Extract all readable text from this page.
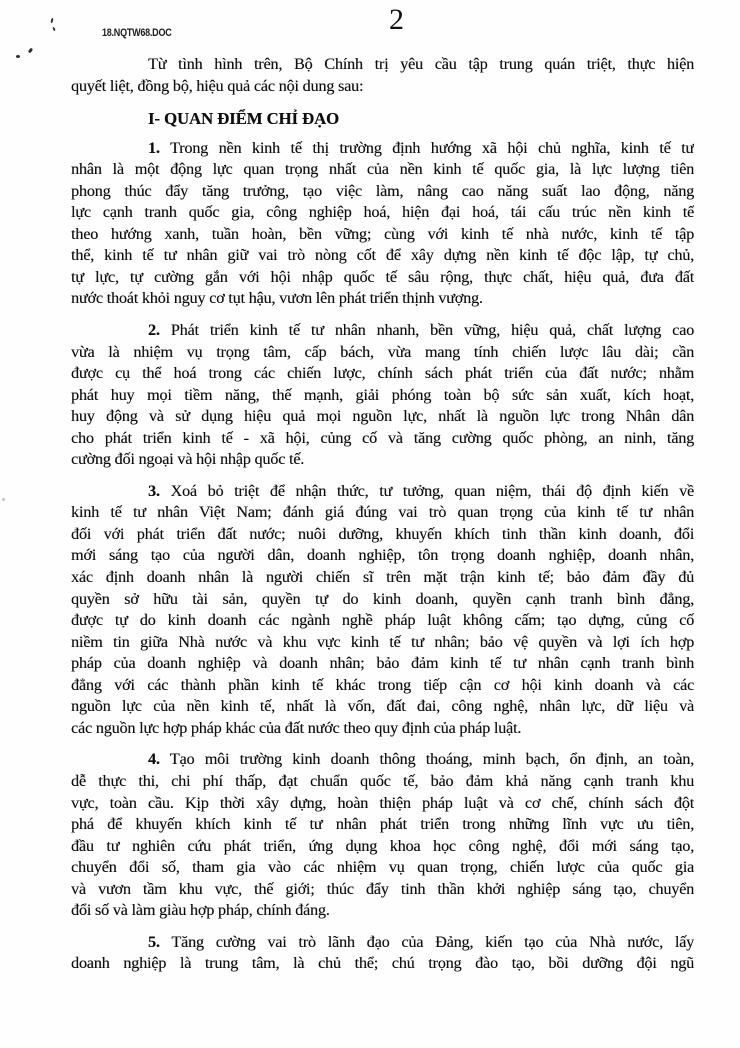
18.NQTW68.DOC	2
Từ tình hình trên, Bộ Chính trị yêu cầu tập trung quán triệt, thực hiện
quyết liệt, đồng bộ, hiệu quả các nội dung sau:
I- QUAN ĐIỂM CHỈ ĐẠO
1. Trong nền kinh tế thị trường định hướng xã hội chủ nghĩa, kinh tế tư
nhân là một động lực quan trọng nhất của nền kinh tế quốc gia, là lực lượng tiên
phong thúc đẩy tăng trưởng, tạo việc làm, nâng cao năng suất lao động, năng
lực cạnh tranh quốc gia, công nghiệp hoá, hiện đại hoá, tái cấu trúc nền kinh tế
theo hướng xanh, tuần hoàn, bền vững; cùng với kinh tế nhà nước, kinh tế tập
thể, kinh tế tư nhân giữ vai trò nòng cốt để xây dựng nền kinh tế độc lập, tự chủ,
tự lực, tự cường gắn với hội nhập quốc tế sâu rộng, thực chất, hiệu quả, đưa đất
nước thoát khỏi nguy cơ tụt hậu, vươn lên phát triển thịnh vượng.
2. Phát triển kinh tế tư nhân nhanh, bền vững, hiệu quả, chất lượng cao
vừa là nhiệm vụ trọng tâm, cấp bách, vừa mang tính chiến lược lâu dài; cần
được cụ thể hoá trong các chiến lược, chính sách phát triển của đất nước; nhằm
phát huy mọi tiềm năng, thế mạnh, giải phóng toàn bộ sức sản xuất, kích hoạt,
huy động và sử dụng hiệu quả mọi nguồn lực, nhất là nguồn lực trong Nhân dân
cho phát triển kinh tế - xã hội, củng cố và tăng cường quốc phòng, an ninh, tăng
cường đối ngoại và hội nhập quốc tế.
3. Xoá bỏ triệt để nhận thức, tư tưởng, quan niệm, thái độ định kiến về
kinh tế tư nhân Việt Nam; đánh giá đúng vai trò quan trọng của kinh tế tư nhân
đối với phát triển đất nước; nuôi dưỡng, khuyến khích tinh thần kinh doanh, đổi
mới sáng tạo của người dân, doanh nghiệp, tôn trọng doanh nghiệp, doanh nhân,
xác định doanh nhân là người chiến sĩ trên mặt trận kinh tế; bảo đảm đầy đủ
quyền sở hữu tài sản, quyền tự do kinh doanh, quyền cạnh tranh bình đẳng,
được tự do kinh doanh các ngành nghề pháp luật không cấm; tạo dựng, củng cố
niềm tin giữa Nhà nước và khu vực kinh tế tư nhân; bảo vệ quyền và lợi ích hợp
pháp của doanh nghiệp và doanh nhân; bảo đảm kinh tế tư nhân cạnh tranh bình
đẳng với các thành phần kinh tế khác trong tiếp cận cơ hội kinh doanh và các
nguồn lực của nền kinh tế, nhất là vốn, đất đai, công nghệ, nhân lực, dữ liệu và
các nguồn lực hợp pháp khác của đất nước theo quy định của pháp luật.
4. Tạo môi trường kinh doanh thông thoáng, minh bạch, ổn định, an toàn,
dễ thực thi, chi phí thấp, đạt chuẩn quốc tế, bảo đảm khả năng cạnh tranh khu
vực, toàn cầu. Kịp thời xây dựng, hoàn thiện pháp luật và cơ chế, chính sách đột
phá để khuyến khích kinh tế tư nhân phát triển trong những lĩnh vực ưu tiên,
đầu tư nghiên cứu phát triển, ứng dụng khoa học công nghệ, đổi mới sáng tạo,
chuyển đổi số, tham gia vào các nhiệm vụ quan trọng, chiến lược của quốc gia
và vươn tầm khu vực, thế giới; thúc đẩy tinh thần khởi nghiệp sáng tạo, chuyển
đổi số và làm giàu hợp pháp, chính đáng.
5. Tăng cường vai trò lãnh đạo của Đảng, kiến tạo của Nhà nước, lấy
doanh nghiệp là trung tâm, là chủ thể; chú trọng đào tạo, bồi dưỡng đội ngũ
